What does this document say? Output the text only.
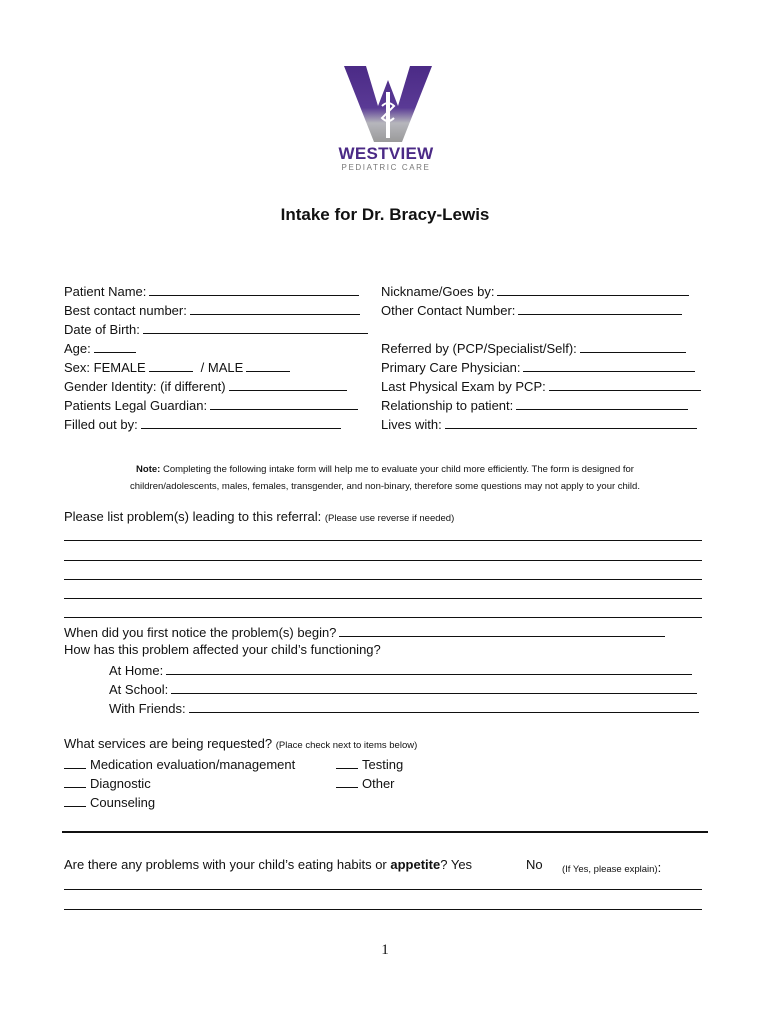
WESTVIEW
PEDIATRIC CARE
Intake for Dr. Bracy-Lewis
Patient Name:
Best contact number:
Date of Birth:
Age:
Sex: FEMALE	/ MALE
Gender Identity: (if different)
Patients Legal Guardian:
Filled out by:
Nickname/Goes by:
Other Contact Number:
Referred by (PCP/Specialist/Self):
Primary Care Physician:
Last Physical Exam by PCP:
Relationship to patient:
Lives with:
Note: Completing the following intake form will help me to evaluate your child more efficiently. The form is designed for
children/adolescents, males, females, transgender, and non-binary, therefore some questions may not apply to your child.
Please list problem(s) leading to this referral: (Please use reverse if needed)
When did you first notice the problem(s) begin?
How has this problem affected your child’s functioning?
At Home:
At School:
With Friends:
What services are being requested? (Place check next to items below)
Medication evaluation/management
Diagnostic
Counseling
Testing
Other
Are there any problems with your child’s eating habits or appetite? Yes	No (If Yes, please explain):
1
